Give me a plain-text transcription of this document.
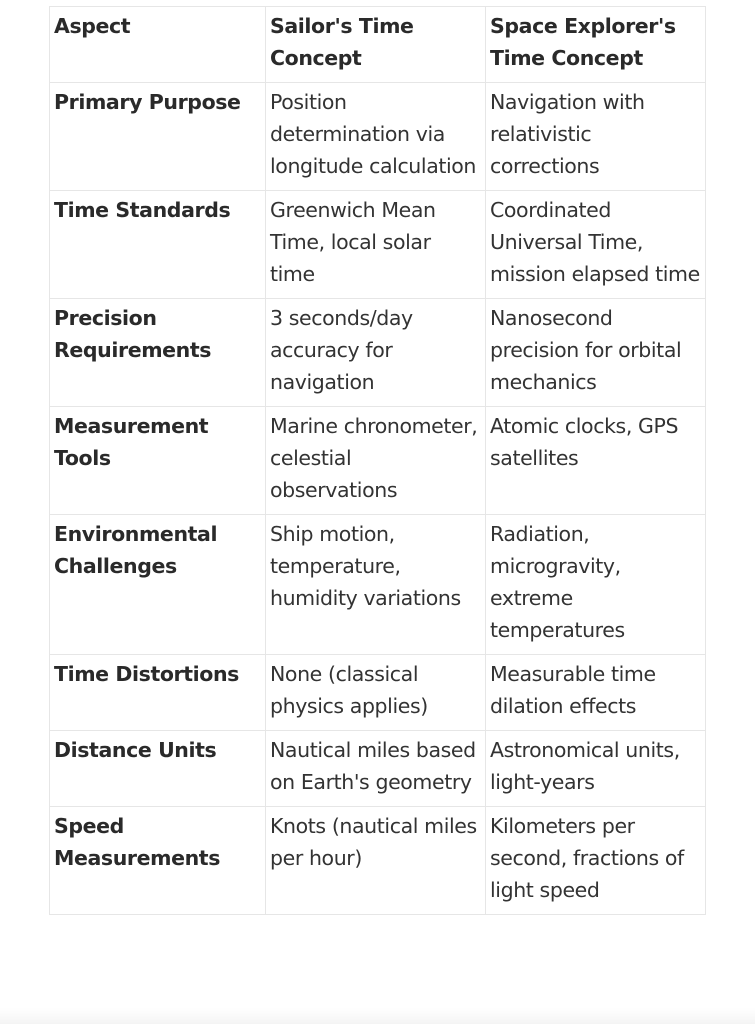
Aspect	Sailor's Time Concept	Space Explorer's Time Concept
Primary Purpose	Position determination via longitude calculation	Navigation with relativistic corrections
Time Standards	Greenwich Mean Time, local solar time	Coordinated Universal Time, mission elapsed time
Precision Requirements	3 seconds/day accuracy for navigation	Nanosecond precision for orbital mechanics
Measurement Tools	Marine chronometer, celestial observations	Atomic clocks, GPS satellites
Environmental Challenges	Ship motion, temperature, humidity variations	Radiation, microgravity, extreme temperatures
Time Distortions	None (classical physics applies)	Measurable time dilation effects
Distance Units	Nautical miles based on Earth's geometry	Astronomical units, light-years
Speed Measurements	Knots (nautical miles per hour)	Kilometers per second, fractions of light speed
